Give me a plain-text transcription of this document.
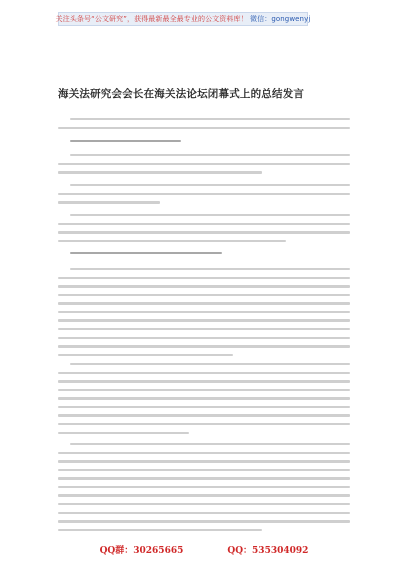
关注头条号“公文研究”，获得最新最全最专业的公文资料库！ 微信：gongwenyj
海关法研究会会长在海关法论坛闭幕式上的总结发言
QQ群：30265665	QQ：535304092
